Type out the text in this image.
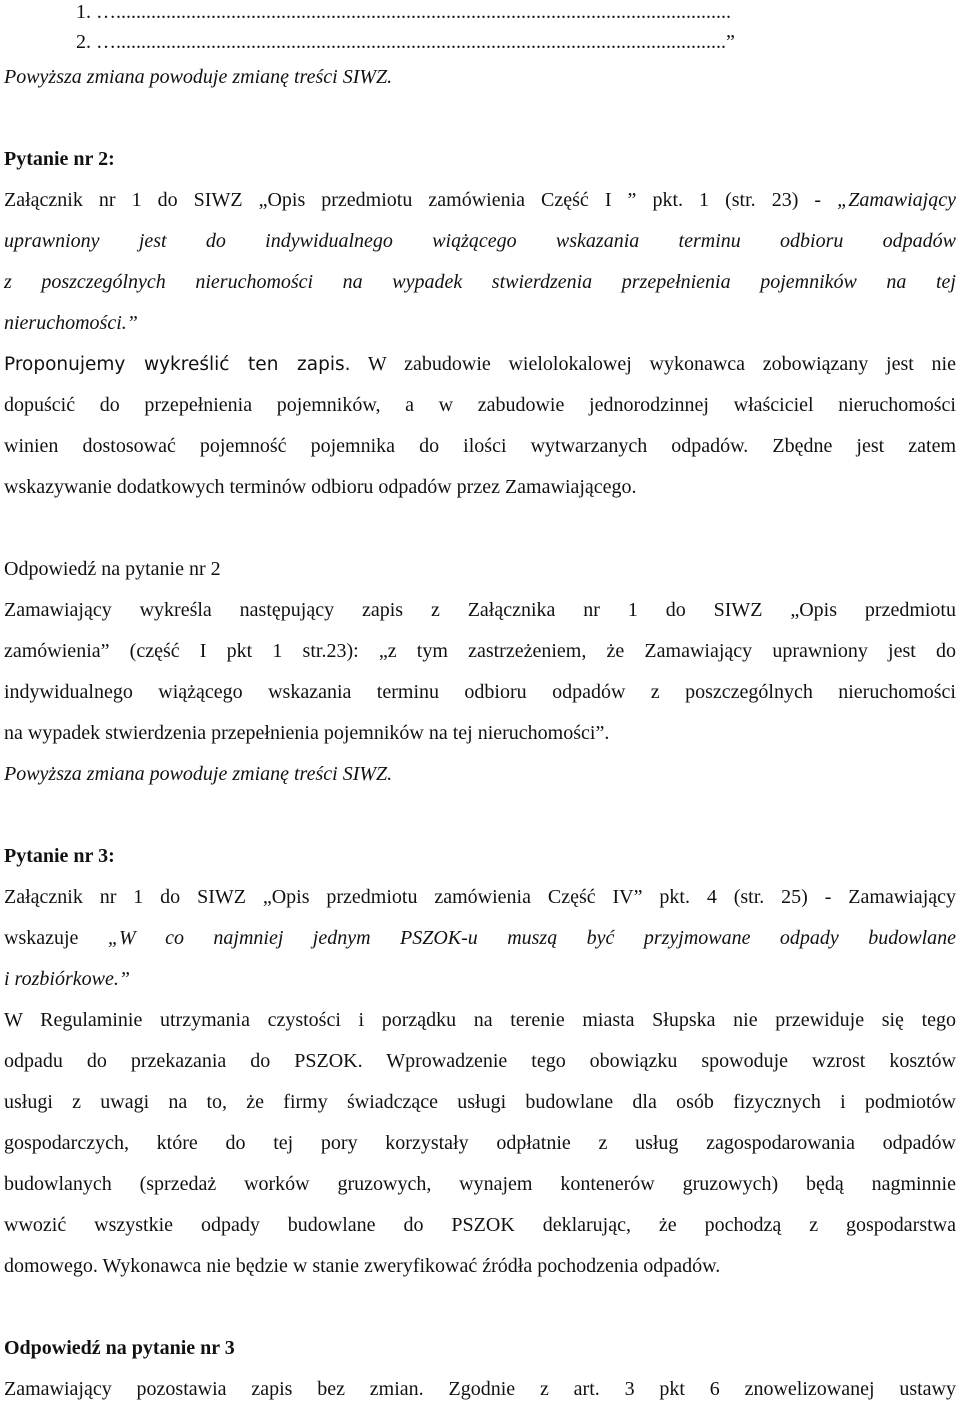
1. …...........................................................................................................................
2. …..........................................................................................................................”
Powyższa zmiana powoduje zmianę treści SIWZ.
Pytanie nr 2:
Załącznik nr 1 do SIWZ „Opis przedmiotu zamówienia Część I ” pkt. 1 (str. 23) - „Zamawiający
uprawniony jest do indywidualnego wiążącego wskazania terminu odbioru odpadów
z poszczególnych nieruchomości na wypadek stwierdzenia przepełnienia pojemników na tej
nieruchomości.”
Proponujemy wykreślić ten zapis. W zabudowie wielolokalowej wykonawca zobowiązany jest nie
dopuścić do przepełnienia pojemników, a w zabudowie jednorodzinnej właściciel nieruchomości
winien dostosować pojemność pojemnika do ilości wytwarzanych odpadów. Zbędne jest zatem
wskazywanie dodatkowych terminów odbioru odpadów przez Zamawiającego.
Odpowiedź na pytanie nr 2
Zamawiający wykreśla następujący zapis z Załącznika nr 1 do SIWZ „Opis przedmiotu
zamówienia” (część I pkt 1 str.23): „z tym zastrzeżeniem, że Zamawiający uprawniony jest do
indywidualnego wiążącego wskazania terminu odbioru odpadów z poszczególnych nieruchomości
na wypadek stwierdzenia przepełnienia pojemników na tej nieruchomości”.
Powyższa zmiana powoduje zmianę treści SIWZ.
Pytanie nr 3:
Załącznik nr 1 do SIWZ „Opis przedmiotu zamówienia Część IV” pkt. 4 (str. 25) - Zamawiający
wskazuje „W co najmniej jednym PSZOK-u muszą być przyjmowane odpady budowlane
i rozbiórkowe.”
W Regulaminie utrzymania czystości i porządku na terenie miasta Słupska nie przewiduje się tego
odpadu do przekazania do PSZOK. Wprowadzenie tego obowiązku spowoduje wzrost kosztów
usługi z uwagi na to, że firmy świadczące usługi budowlane dla osób fizycznych i podmiotów
gospodarczych, które do tej pory korzystały odpłatnie z usług zagospodarowania odpadów
budowlanych (sprzedaż worków gruzowych, wynajem kontenerów gruzowych) będą nagminnie
wwozić wszystkie odpady budowlane do PSZOK deklarując, że pochodzą z gospodarstwa
domowego. Wykonawca nie będzie w stanie zweryfikować źródła pochodzenia odpadów.
Odpowiedź na pytanie nr 3
Zamawiający pozostawia zapis bez zmian. Zgodnie z art. 3 pkt 6 znowelizowanej ustawy
